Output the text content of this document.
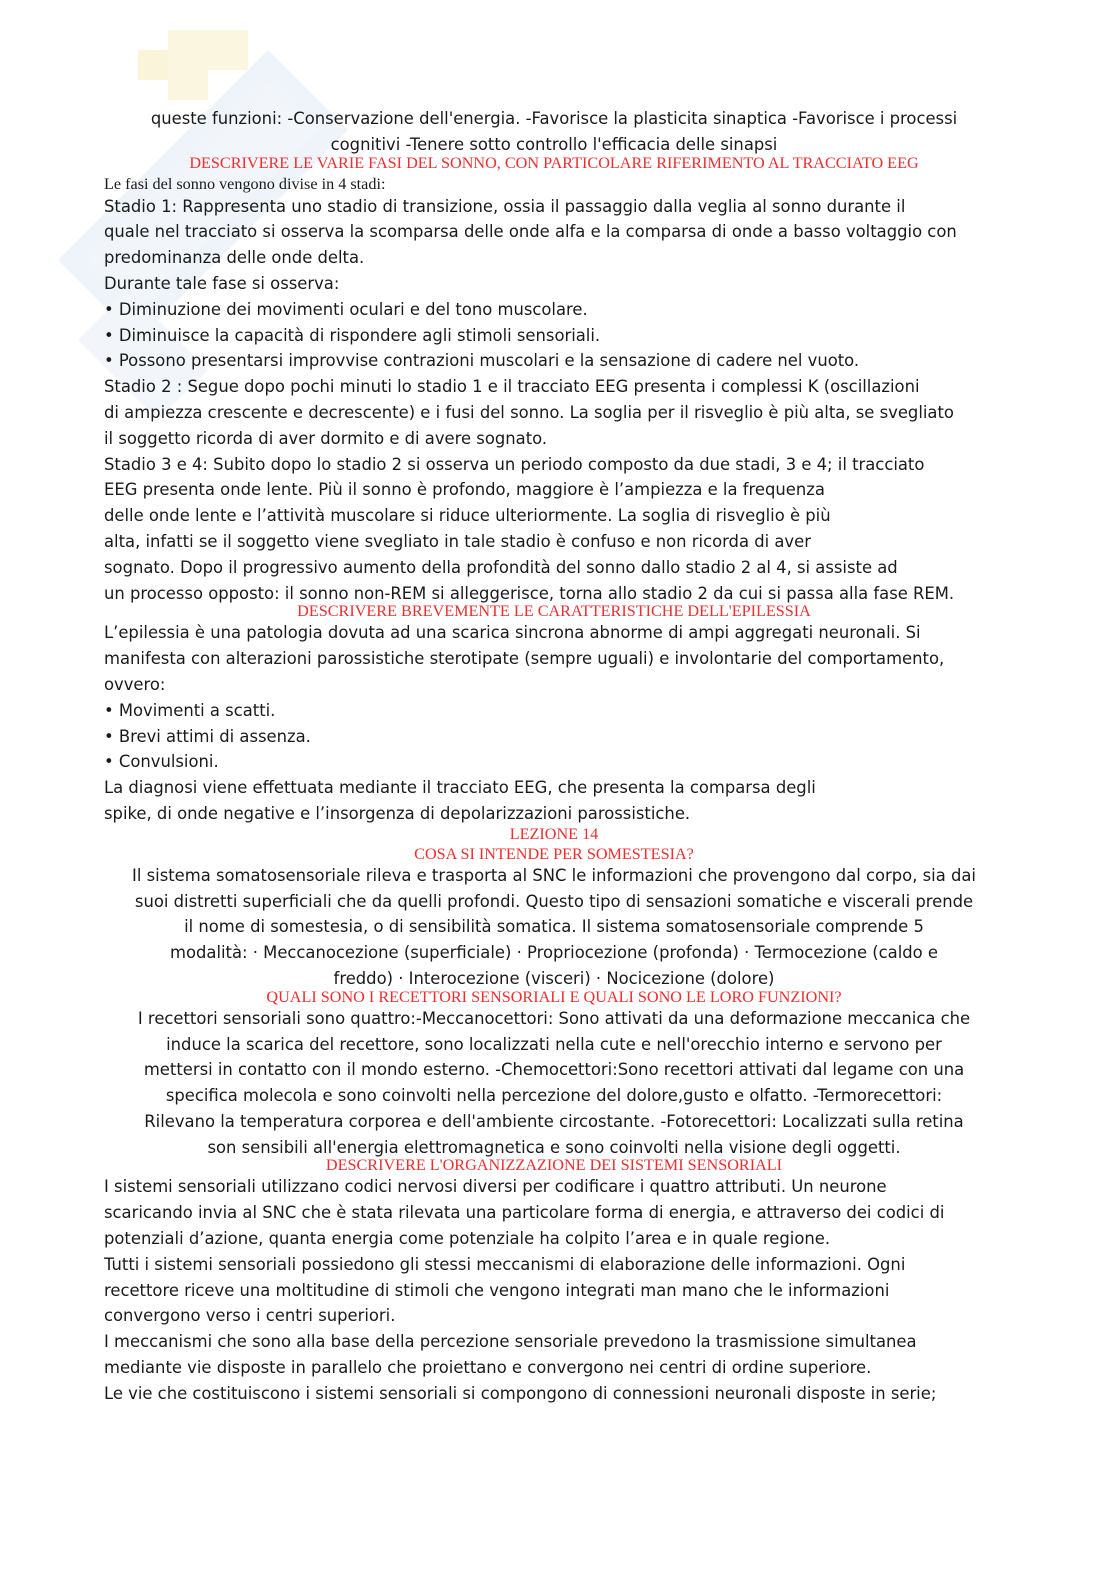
queste funzioni: -Conservazione dell'energia. -Favorisce la plasticita sinaptica -Favorisce i processi

cognitivi -Tenere sotto controllo l'efficacia delle sinapsi

DESCRIVERE LE VARIE FASI DEL SONNO, CON PARTICOLARE RIFERIMENTO AL TRACCIATO EEG

Le fasi del sonno vengono divise in 4 stadi:

Stadio 1: Rappresenta uno stadio di transizione, ossia il passaggio dalla veglia al sonno durante il

quale nel tracciato si osserva la scomparsa delle onde alfa e la comparsa di onde a basso voltaggio con

predominanza delle onde delta.

Durante tale fase si osserva:

• Diminuzione dei movimenti oculari e del tono muscolare.

• Diminuisce la capacità di rispondere agli stimoli sensoriali.

• Possono presentarsi improvvise contrazioni muscolari e la sensazione di cadere nel vuoto.

Stadio 2 : Segue dopo pochi minuti lo stadio 1 e il tracciato EEG presenta i complessi K (oscillazioni

di ampiezza crescente e decrescente) e i fusi del sonno. La soglia per il risveglio è più alta, se svegliato

il soggetto ricorda di aver dormito e di avere sognato.

Stadio 3 e 4: Subito dopo lo stadio 2 si osserva un periodo composto da due stadi, 3 e 4; il tracciato

EEG presenta onde lente. Più il sonno è profondo, maggiore è l’ampiezza e la frequenza

delle onde lente e l’attività muscolare si riduce ulteriormente. La soglia di risveglio è più

alta, infatti se il soggetto viene svegliato in tale stadio è confuso e non ricorda di aver

sognato. Dopo il progressivo aumento della profondità del sonno dallo stadio 2 al 4, si assiste ad

un processo opposto: il sonno non-REM si alleggerisce, torna allo stadio 2 da cui si passa alla fase REM.

DESCRIVERE BREVEMENTE LE CARATTERISTICHE DELL'EPILESSIA

L’epilessia è una patologia dovuta ad una scarica sincrona abnorme di ampi aggregati neuronali. Si

manifesta con alterazioni parossistiche sterotipate (sempre uguali) e involontarie del comportamento,

ovvero:

• Movimenti a scatti.

• Brevi attimi di assenza.

• Convulsioni.

La diagnosi viene effettuata mediante il tracciato EEG, che presenta la comparsa degli

spike, di onde negative e l’insorgenza di depolarizzazioni parossistiche.

LEZIONE 14

COSA SI INTENDE PER SOMESTESIA?

Il sistema somatosensoriale rileva e trasporta al SNC le informazioni che provengono dal corpo, sia dai

suoi distretti superficiali che da quelli profondi. Questo tipo di sensazioni somatiche e viscerali prende

il nome di somestesia, o di sensibilità somatica. Il sistema somatosensoriale comprende 5

modalità: · Meccanocezione (superficiale) · Propriocezione (profonda) · Termocezione (caldo e

freddo) · Interocezione (visceri) · Nocicezione (dolore)

QUALI SONO I RECETTORI SENSORIALI E QUALI SONO LE LORO FUNZIONI?

I recettori sensoriali sono quattro:-Meccanocettori: Sono attivati da una deformazione meccanica che

induce la scarica del recettore, sono localizzati nella cute e nell'orecchio interno e servono per

mettersi in contatto con il mondo esterno. -Chemocettori:Sono recettori attivati dal legame con una

specifica molecola e sono coinvolti nella percezione del dolore,gusto e olfatto. -Termorecettori:

Rilevano la temperatura corporea e dell'ambiente circostante. -Fotorecettori: Localizzati sulla retina

son sensibili all'energia elettromagnetica e sono coinvolti nella visione degli oggetti.

DESCRIVERE L'ORGANIZZAZIONE DEI SISTEMI SENSORIALI

I sistemi sensoriali utilizzano codici nervosi diversi per codificare i quattro attributi. Un neurone

scaricando invia al SNC che è stata rilevata una particolare forma di energia, e attraverso dei codici di

potenziali d’azione, quanta energia come potenziale ha colpito l’area e in quale regione.

Tutti i sistemi sensoriali possiedono gli stessi meccanismi di elaborazione delle informazioni. Ogni

recettore riceve una moltitudine di stimoli che vengono integrati man mano che le informazioni

convergono verso i centri superiori.

I meccanismi che sono alla base della percezione sensoriale prevedono la trasmissione simultanea

mediante vie disposte in parallelo che proiettano e convergono nei centri di ordine superiore.

Le vie che costituiscono i sistemi sensoriali si compongono di connessioni neuronali disposte in serie;
